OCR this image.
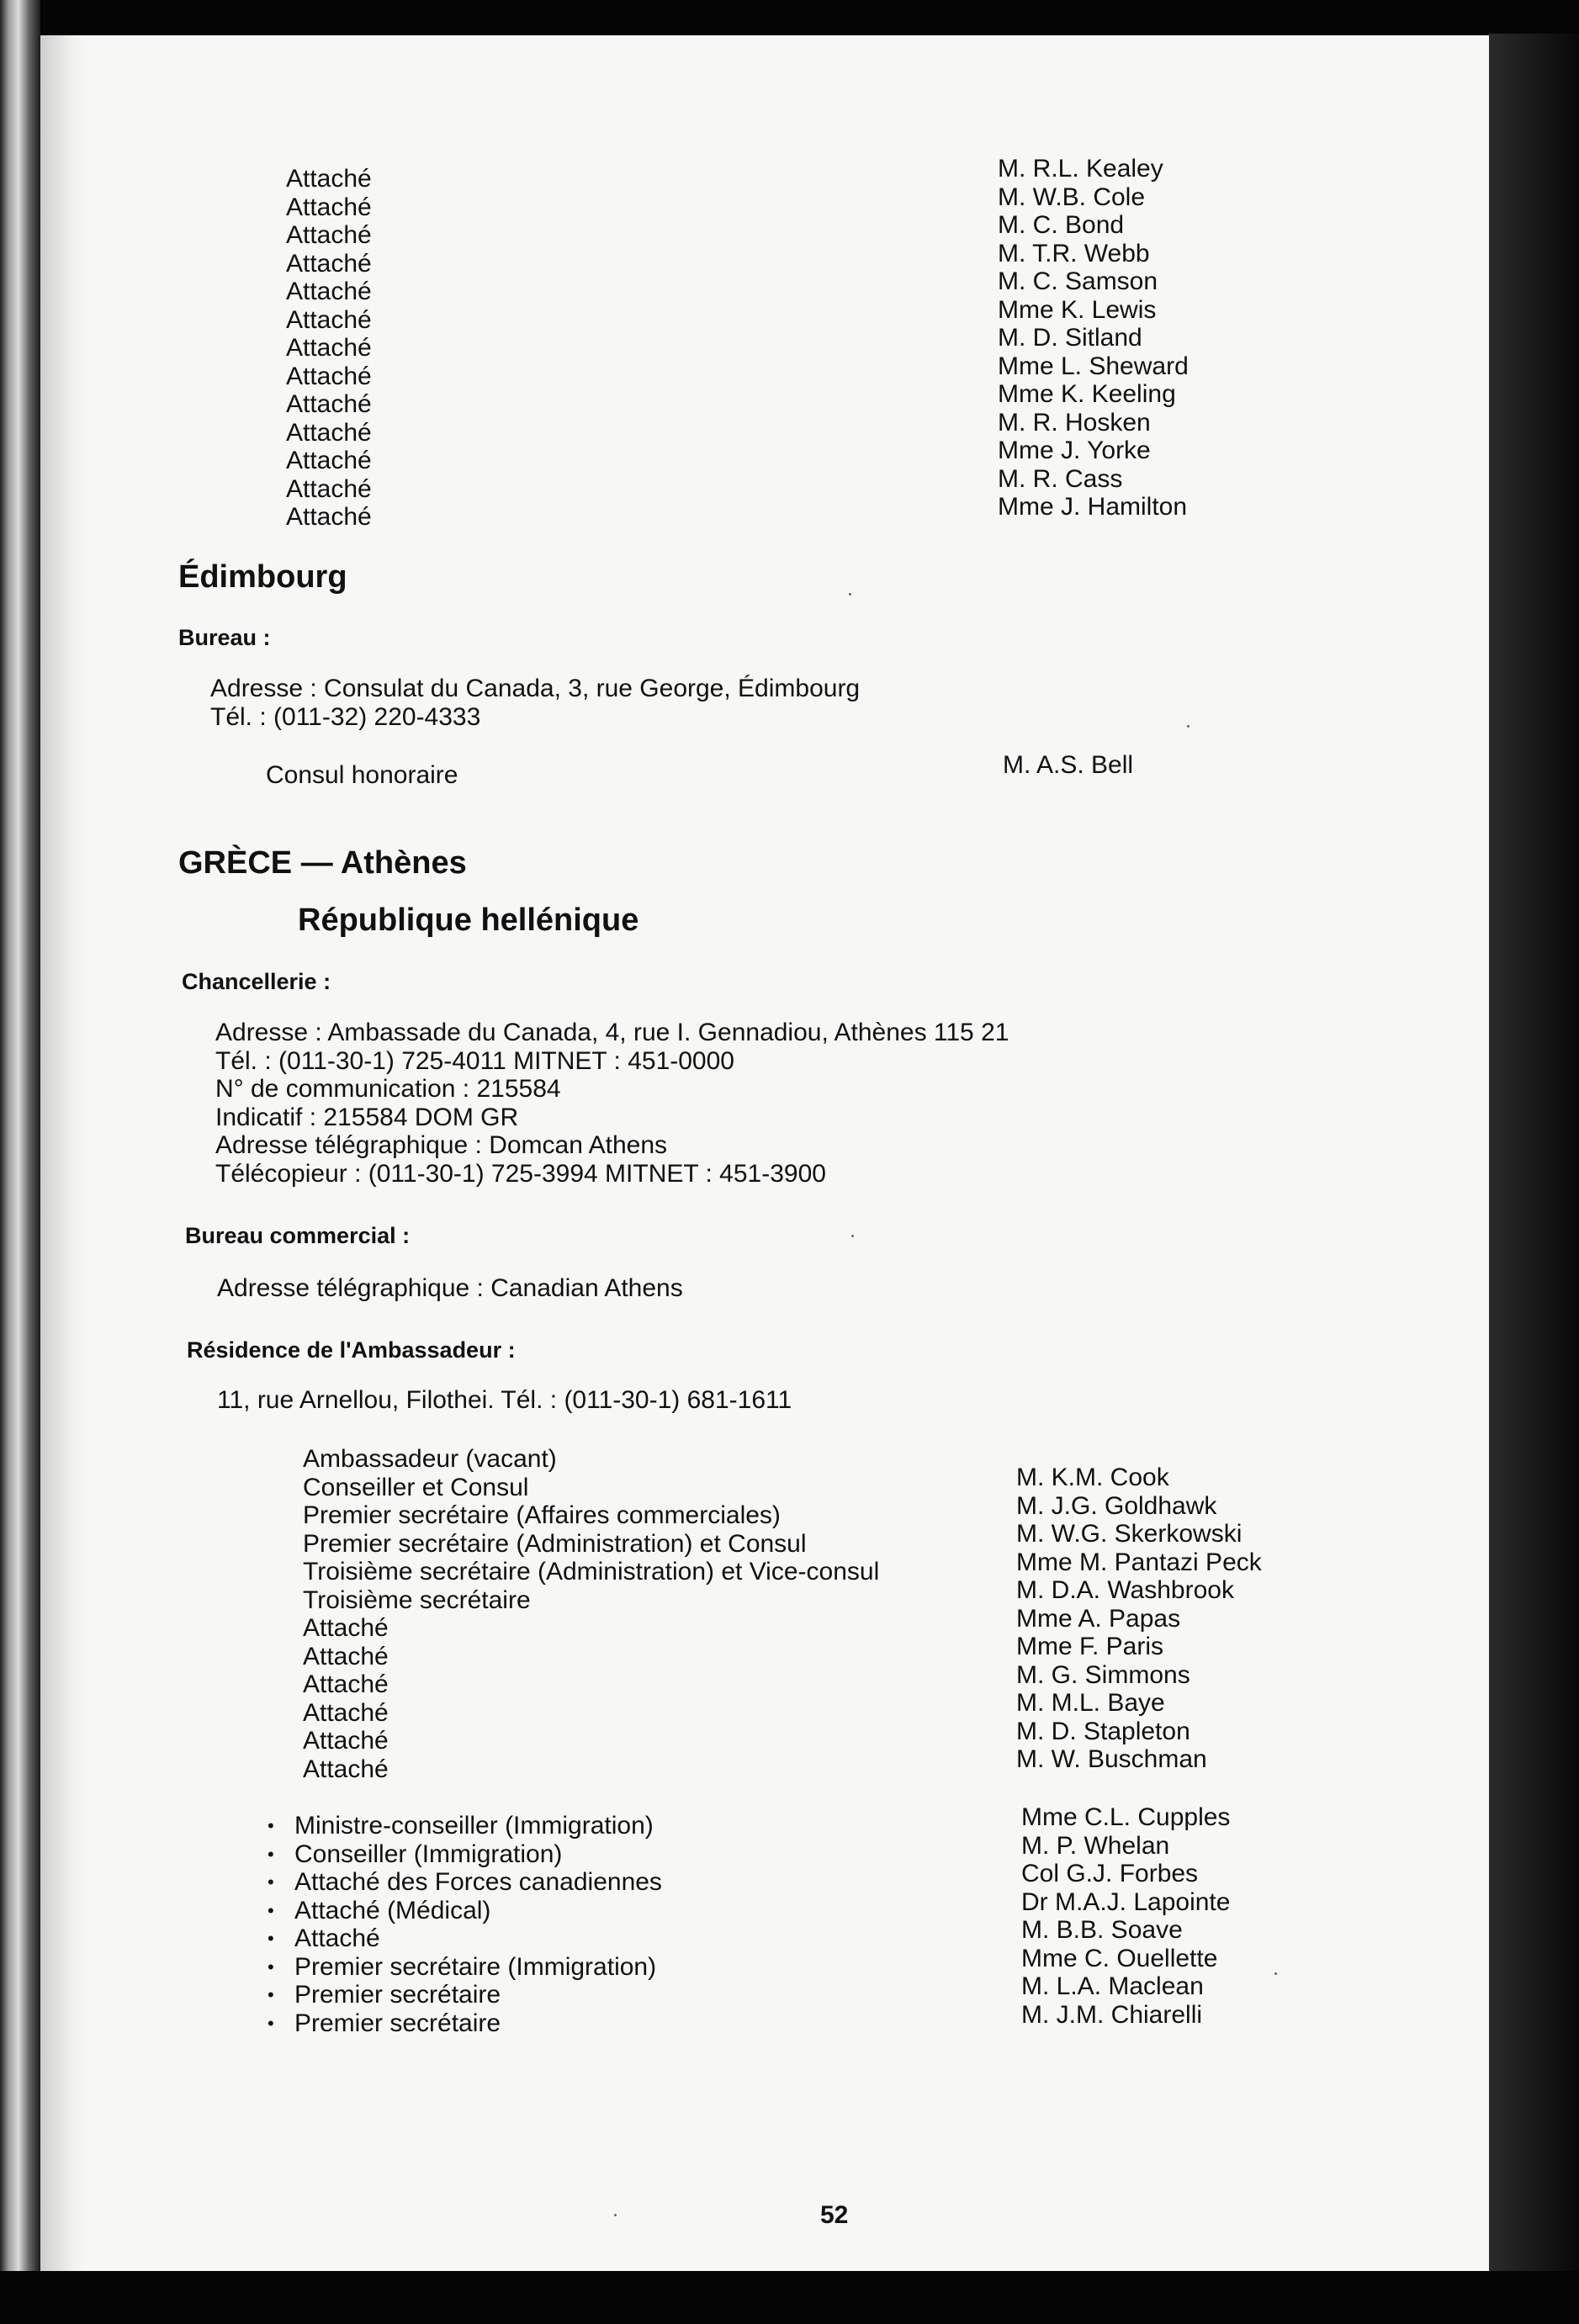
Attaché
Attaché
Attaché
Attaché
Attaché
Attaché
Attaché
Attaché
Attaché
Attaché
Attaché
Attaché
Attaché
M. R.L. Kealey
M. W.B. Cole
M. C. Bond
M. T.R. Webb
M. C. Samson
Mme K. Lewis
M. D. Sitland
Mme L. Sheward
Mme K. Keeling
M. R. Hosken
Mme J. Yorke
M. R. Cass
Mme J. Hamilton
Édimbourg
Bureau :
Adresse : Consulat du Canada, 3, rue George, Édimbourg
Tél. : (011-32) 220-4333
Consul honoraire	M. A.S. Bell
GRÈCE — Athènes
République hellénique
Chancellerie :
Adresse : Ambassade du Canada, 4, rue I. Gennadiou, Athènes 115 21
Tél. : (011-30-1) 725-4011 MITNET : 451-0000
N° de communication : 215584
Indicatif : 215584 DOM GR
Adresse télégraphique : Domcan Athens
Télécopieur : (011-30-1) 725-3994 MITNET : 451-3900
Bureau commercial :
Adresse télégraphique : Canadian Athens
Résidence de l'Ambassadeur :
11, rue Arnellou, Filothei. Tél. : (011-30-1) 681-1611
Ambassadeur (vacant)
Conseiller et Consul
Premier secrétaire (Affaires commerciales)
Premier secrétaire (Administration) et Consul
Troisième secrétaire (Administration) et Vice-consul
Troisième secrétaire
Attaché
Attaché
Attaché
Attaché
Attaché
Attaché
M. K.M. Cook
M. J.G. Goldhawk
M. W.G. Skerkowski
Mme M. Pantazi Peck
M. D.A. Washbrook
Mme A. Papas
Mme F. Paris
M. G. Simmons
M. M.L. Baye
M. D. Stapleton
M. W. Buschman
• Ministre-conseiller (Immigration)
• Conseiller (Immigration)
• Attaché des Forces canadiennes
• Attaché (Médical)
• Attaché
• Premier secrétaire (Immigration)
• Premier secrétaire
• Premier secrétaire
Mme C.L. Cupples
M. P. Whelan
Col G.J. Forbes
Dr M.A.J. Lapointe
M. B.B. Soave
Mme C. Ouellette
M. L.A. Maclean
M. J.M. Chiarelli
52
